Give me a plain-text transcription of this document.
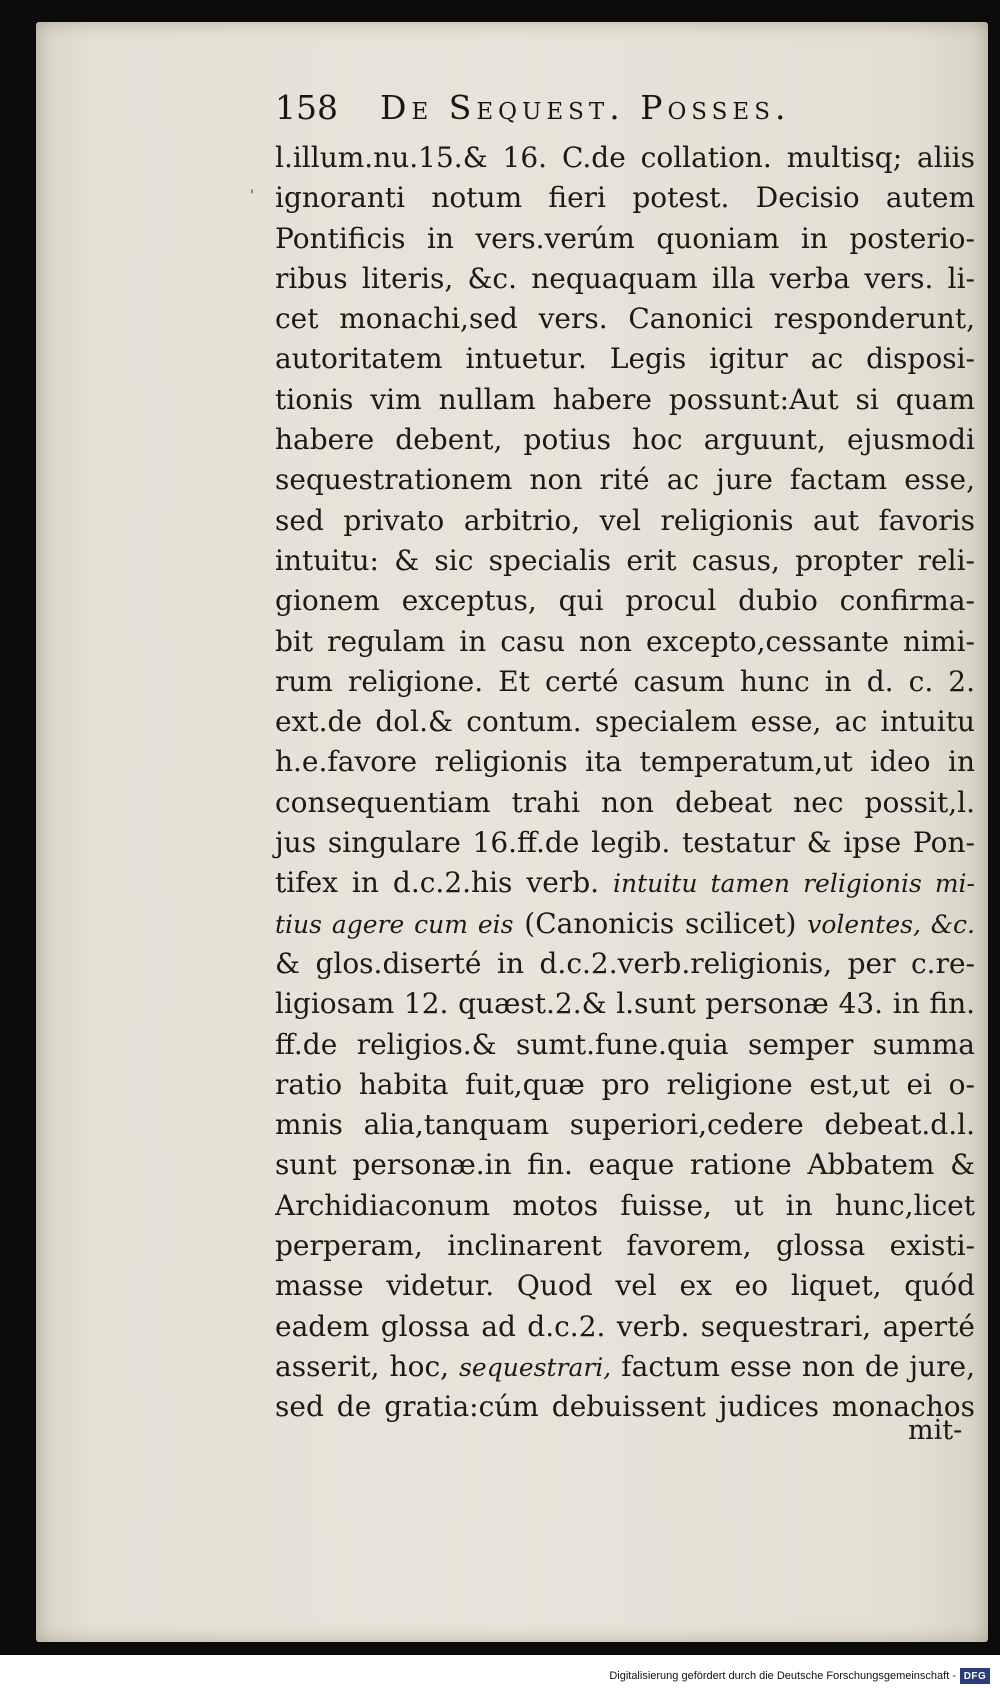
158 De Sequest. Posses.
'
l.illum.nu.15.& 16. C.de collation. multisq; aliis
ignoranti notum fieri potest. Decisio autem
Pontificis in vers.verúm quoniam in posterio-
ribus literis, &c. nequaquam illa verba vers. li-
cet monachi,sed vers. Canonici responderunt,
autoritatem intuetur. Legis igitur ac disposi-
tionis vim nullam habere possunt:Aut si quam
habere debent, potius hoc arguunt, ejusmodi
sequestrationem non rité ac jure factam esse,
sed privato arbitrio, vel religionis aut favoris
intuitu: & sic specialis erit casus, propter reli-
gionem exceptus, qui procul dubio confirma-
bit regulam in casu non excepto,cessante nimi-
rum religione. Et certé casum hunc in d. c. 2.
ext.de dol.& contum. specialem esse, ac intuitu
h.e.favore religionis ita temperatum,ut ideo in
consequentiam trahi non debeat nec possit,l.
jus singulare 16.ff.de legib. testatur & ipse Pon-
tifex in d.c.2.his verb. intuitu tamen religionis mi-
tius agere cum eis (Canonicis scilicet) volentes, &c.
& glos.diserté in d.c.2.verb.religionis, per c.re-
ligiosam 12. quæst.2.& l.sunt personæ 43. in fin.
ff.de religios.& sumt.fune.quia semper summa
ratio habita fuit,quæ pro religione est,ut ei o-
mnis alia,tanquam superiori,cedere debeat.d.l.
sunt personæ.in fin. eaque ratione Abbatem &
Archidiaconum motos fuisse, ut in hunc,licet
perperam, inclinarent favorem, glossa existi-
masse videtur. Quod vel ex eo liquet, quód
eadem glossa ad d.c.2. verb. sequestrari, aperté
asserit, hoc, sequestrari, factum esse non de jure,
sed de gratia:cúm debuissent judices monachos
mit-
Digitalisierung gefördert durch die Deutsche Forschungsgemeinschaft - DFG
